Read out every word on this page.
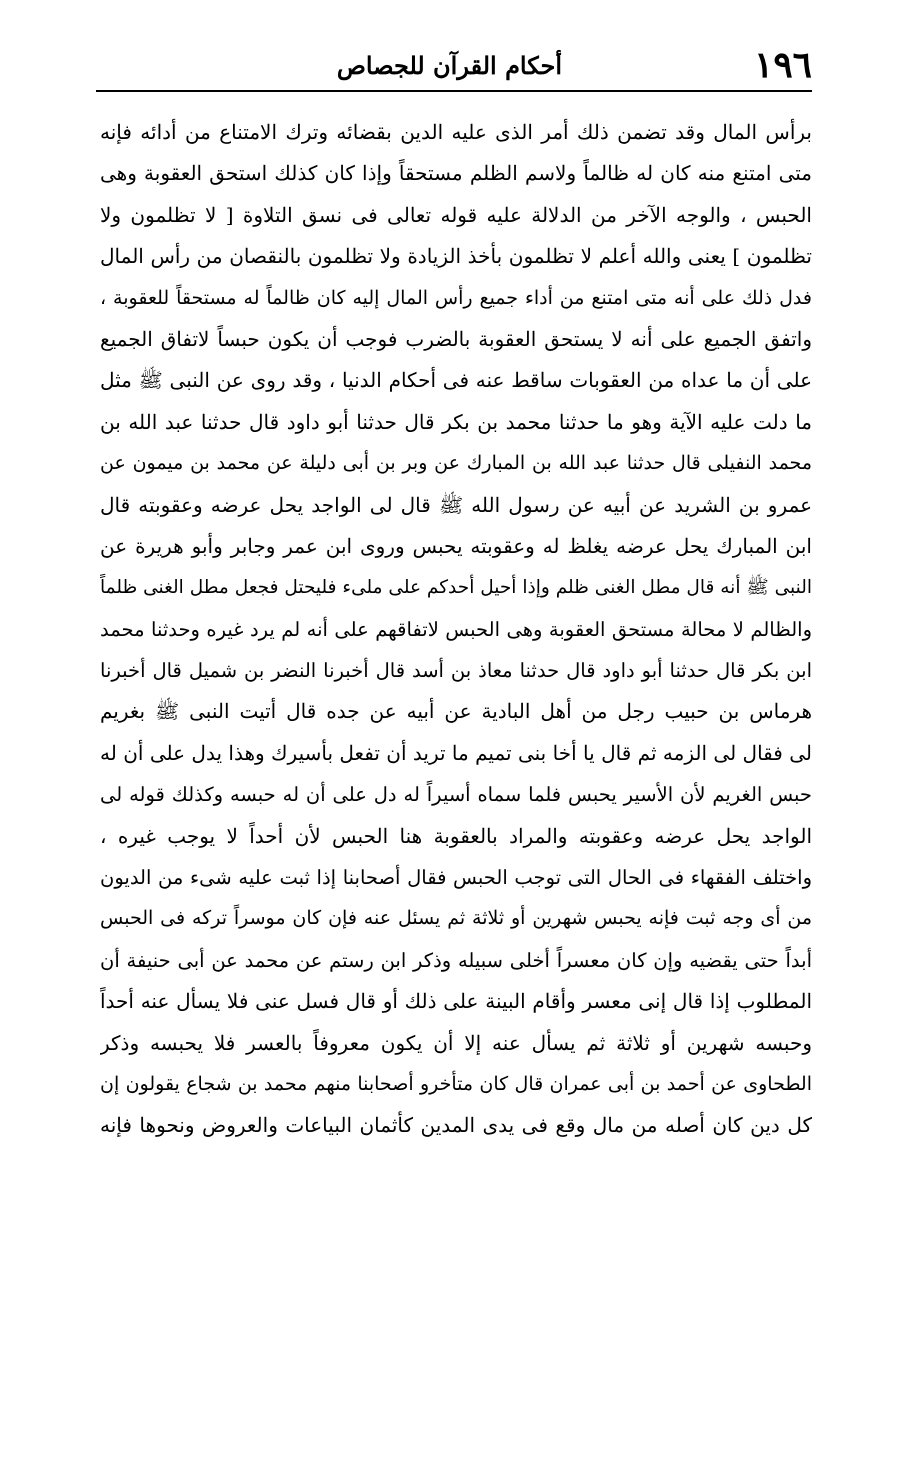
١٩٦
أحكام القرآن للجصاص
برأس المال وقد تضمن ذلك أمر الذى عليه الدين بقضائه وترك الامتناع من أدائه فإنه
متى امتنع منه كان له ظالماً ولاسم الظلم مستحقاً وإذا كان كذلك استحق العقوبة وهى
الحبس ، والوجه الآخر من الدلالة عليه قوله تعالى فى نسق التلاوة [ لا تظلمون ولا
تظلمون ] يعنى والله أعلم لا تظلمون بأخذ الزيادة ولا تظلمون بالنقصان من رأس المال
فدل ذلك على أنه متى امتنع من أداء جميع رأس المال إليه كان ظالماً له مستحقاً للعقوبة ،
واتفق الجميع على أنه لا يستحق العقوبة بالضرب فوجب أن يكون حبساً لاتفاق الجميع
على أن ما عداه من العقوبات ساقط عنه فى أحكام الدنيا ، وقد روى عن النبى ﷺ مثل
ما دلت عليه الآية وهو ما حدثنا محمد بن بكر قال حدثنا أبو داود قال حدثنا عبد الله بن
محمد النفيلى قال حدثنا عبد الله بن المبارك عن وبر بن أبى دليلة عن محمد بن ميمون عن
عمرو بن الشريد عن أبيه عن رسول الله ﷺ قال لى الواجد يحل عرضه وعقوبته قال
ابن المبارك يحل عرضه يغلظ له وعقوبته يحبس وروى ابن عمر وجابر وأبو هريرة عن
النبى ﷺ أنه قال مطل الغنى ظلم وإذا أحيل أحدكم على ملىء فليحتل فجعل مطل الغنى ظلماً
والظالم لا محالة مستحق العقوبة وهى الحبس لاتفاقهم على أنه لم يرد غيره وحدثنا محمد
ابن بكر قال حدثنا أبو داود قال حدثنا معاذ بن أسد قال أخبرنا النضر بن شميل قال أخبرنا
هرماس بن حبيب رجل من أهل البادية عن أبيه عن جده قال أتيت النبى ﷺ بغريم
لى فقال لى الزمه ثم قال يا أخا بنى تميم ما تريد أن تفعل بأسيرك وهذا يدل على أن له
حبس الغريم لأن الأسير يحبس فلما سماه أسيراً له دل على أن له حبسه وكذلك قوله لى
الواجد يحل عرضه وعقوبته والمراد بالعقوبة هنا الحبس لأن أحداً لا يوجب غيره ،
واختلف الفقهاء فى الحال التى توجب الحبس فقال أصحابنا إذا ثبت عليه شىء من الديون
من أى وجه ثبت فإنه يحبس شهرين أو ثلاثة ثم يسئل عنه فإن كان موسراً تركه فى الحبس
أبداً حتى يقضيه وإن كان معسراً أخلى سبيله وذكر ابن رستم عن محمد عن أبى حنيفة أن
المطلوب إذا قال إنى معسر وأقام البينة على ذلك أو قال فسل عنى فلا يسأل عنه أحداً
وحبسه شهرين أو ثلاثة ثم يسأل عنه إلا أن يكون معروفاً بالعسر فلا يحبسه وذكر
الطحاوى عن أحمد بن أبى عمران قال كان متأخرو أصحابنا منهم محمد بن شجاع يقولون إن
كل دين كان أصله من مال وقع فى يدى المدين كأثمان البياعات والعروض ونحوها فإنه
